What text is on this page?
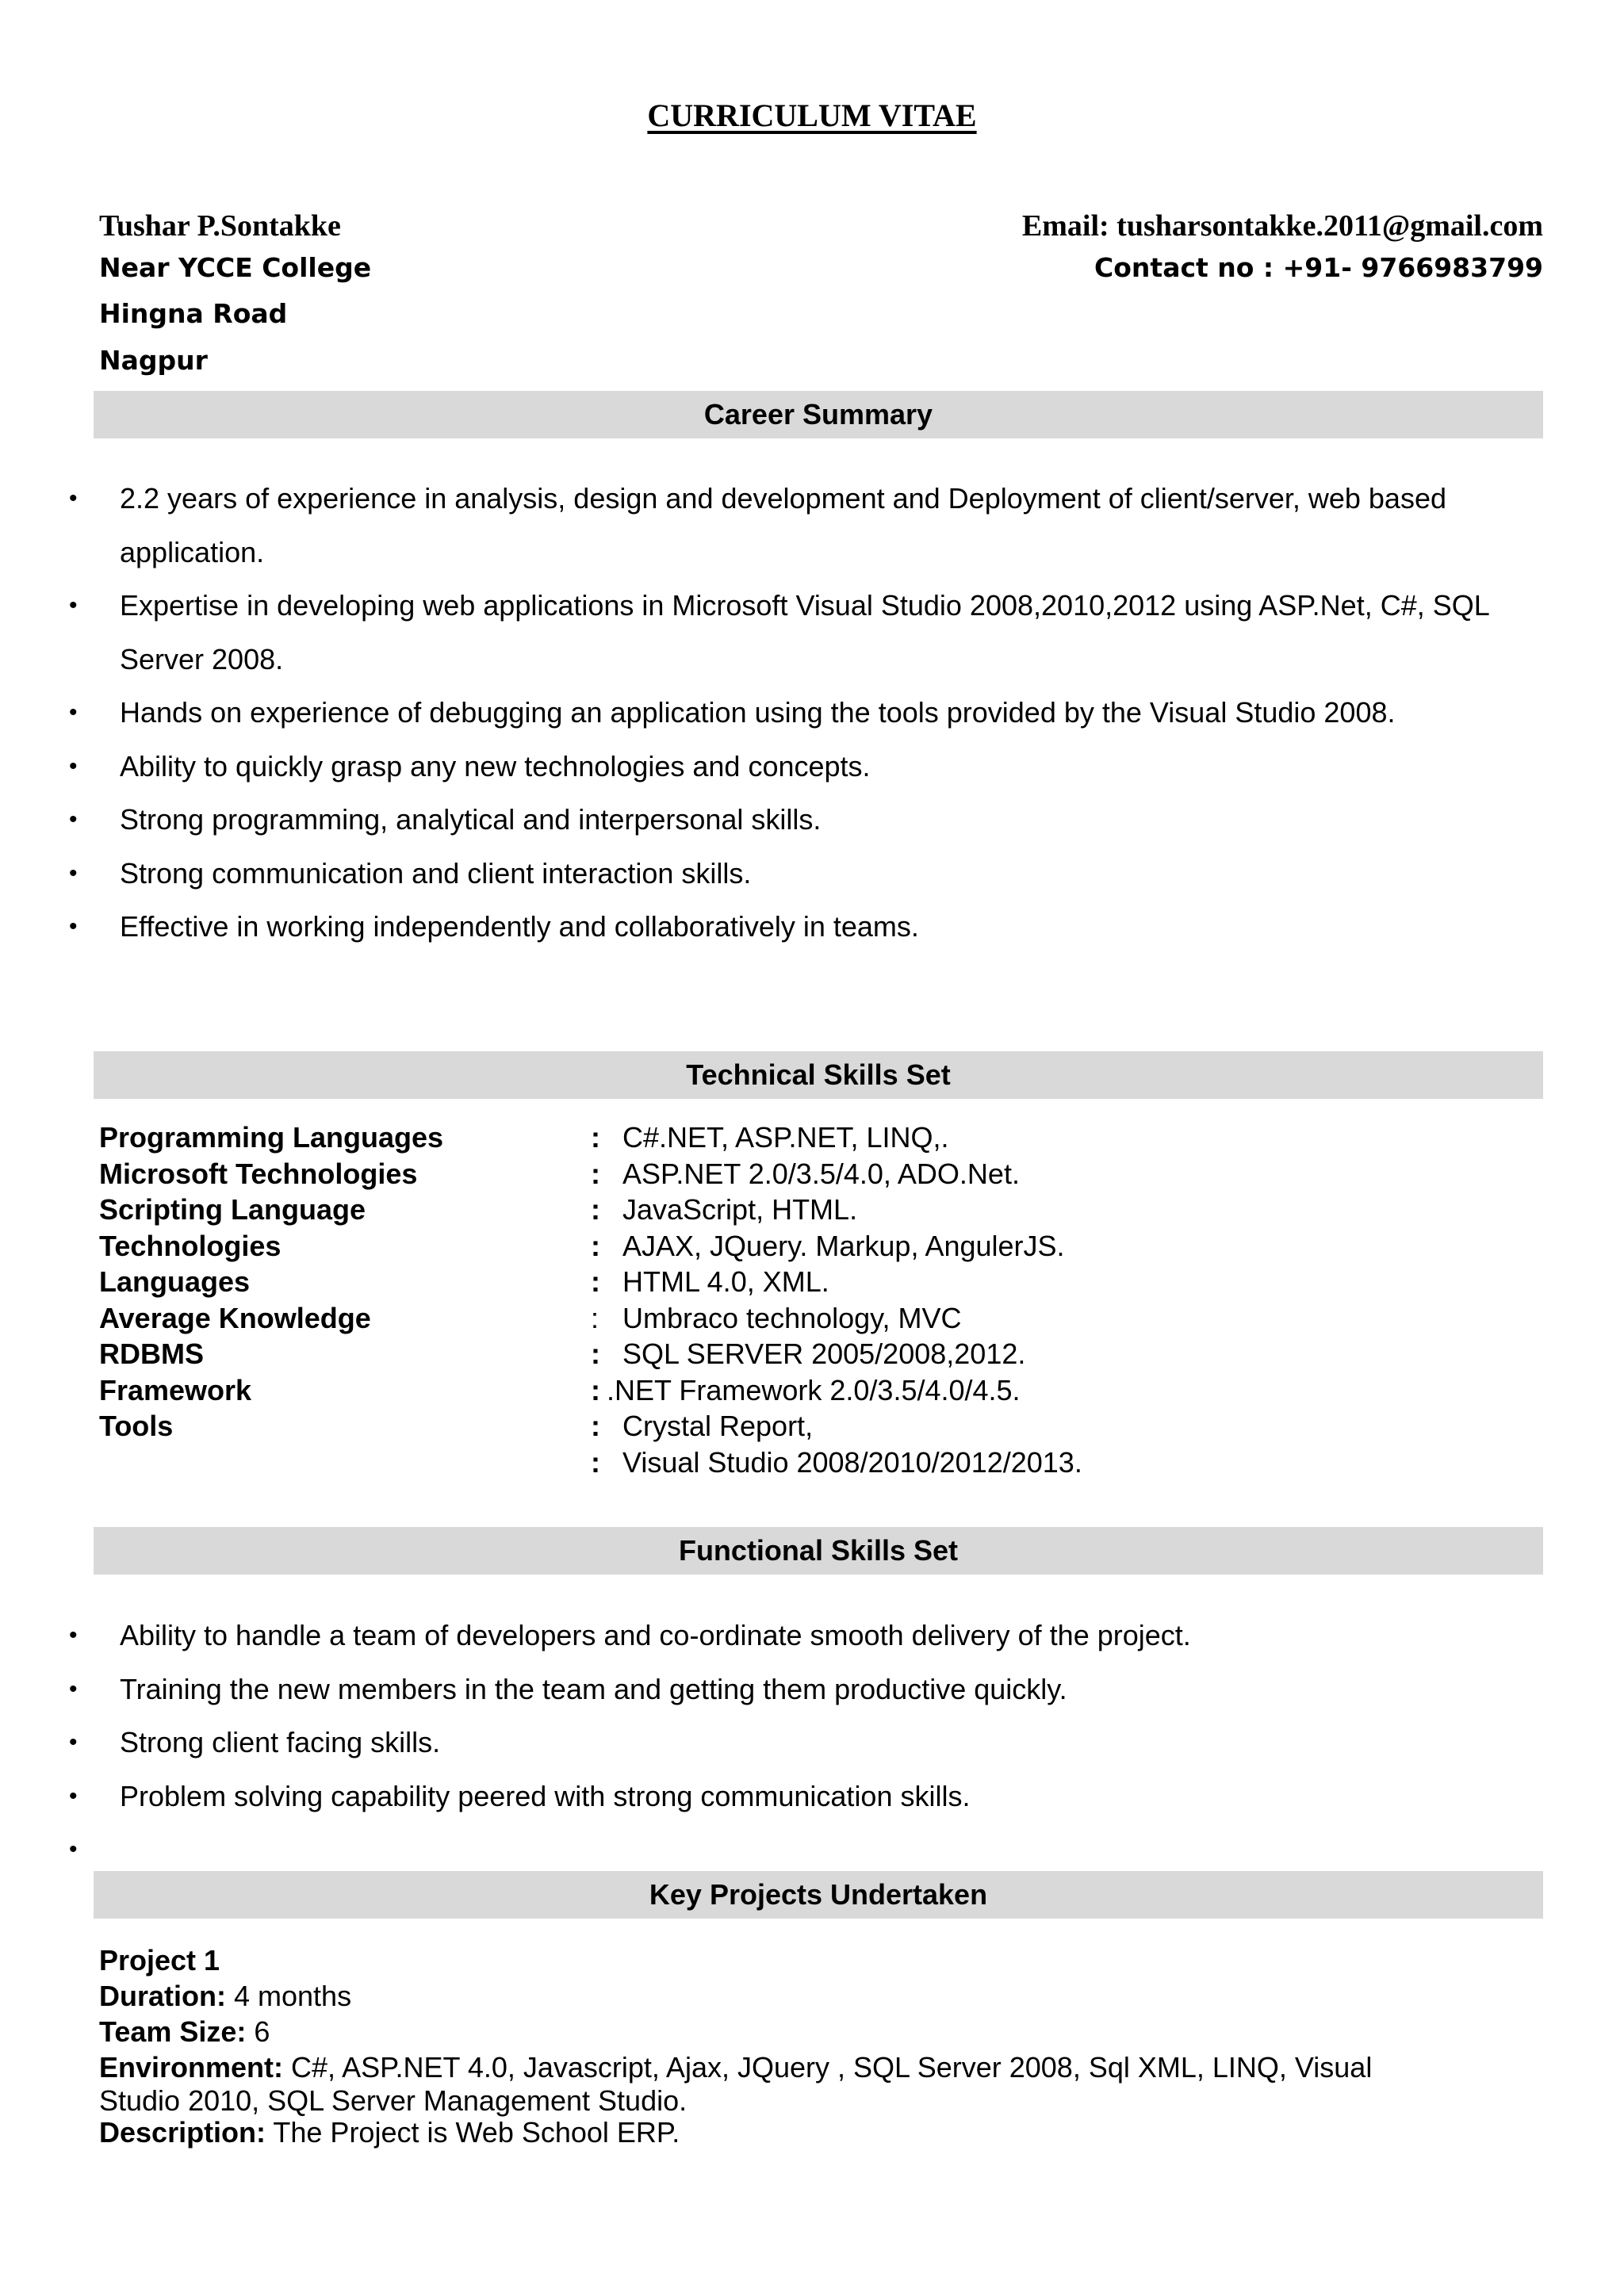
CURRICULUM VITAE
Tushar P.Sontakke	Email: tusharsontakke.2011@gmail.com
Near YCCE College	Contact no : +91- 9766983799
Hingna Road
Nagpur
Career Summary
• 2.2 years of experience in analysis, design and development and Deployment of client/server, web based application.
• Expertise in developing web applications in Microsoft Visual Studio 2008,2010,2012 using ASP.Net, C#, SQL Server 2008.
• Hands on experience of debugging an application using the tools provided by the Visual Studio 2008.
• Ability to quickly grasp any new technologies and concepts.
• Strong programming, analytical and interpersonal skills.
• Strong communication and client interaction skills.
• Effective in working independently and collaboratively in teams.
Technical Skills Set
Programming Languages	: C#.NET, ASP.NET, LINQ,.
Microsoft Technologies	: ASP.NET 2.0/3.5/4.0, ADO.Net.
Scripting Language	: JavaScript, HTML.
Technologies	: AJAX, JQuery. Markup, AngulerJS.
Languages	: HTML 4.0, XML.
Average Knowledge	: Umbraco technology, MVC
RDBMS	: SQL SERVER 2005/2008,2012.
Framework	: .NET Framework 2.0/3.5/4.0/4.5.
Tools	: Crystal Report,
: Visual Studio 2008/2010/2012/2013.
Functional Skills Set
• Ability to handle a team of developers and co-ordinate smooth delivery of the project.
• Training the new members in the team and getting them productive quickly.
• Strong client facing skills.
• Problem solving capability peered with strong communication skills.
•
Key Projects Undertaken
Project 1
Duration: 4 months
Team Size: 6
Environment: C#, ASP.NET 4.0, Javascript, Ajax, JQuery , SQL Server 2008, Sql XML, LINQ, Visual
Studio 2010, SQL Server Management Studio.
Description: The Project is Web School ERP.
